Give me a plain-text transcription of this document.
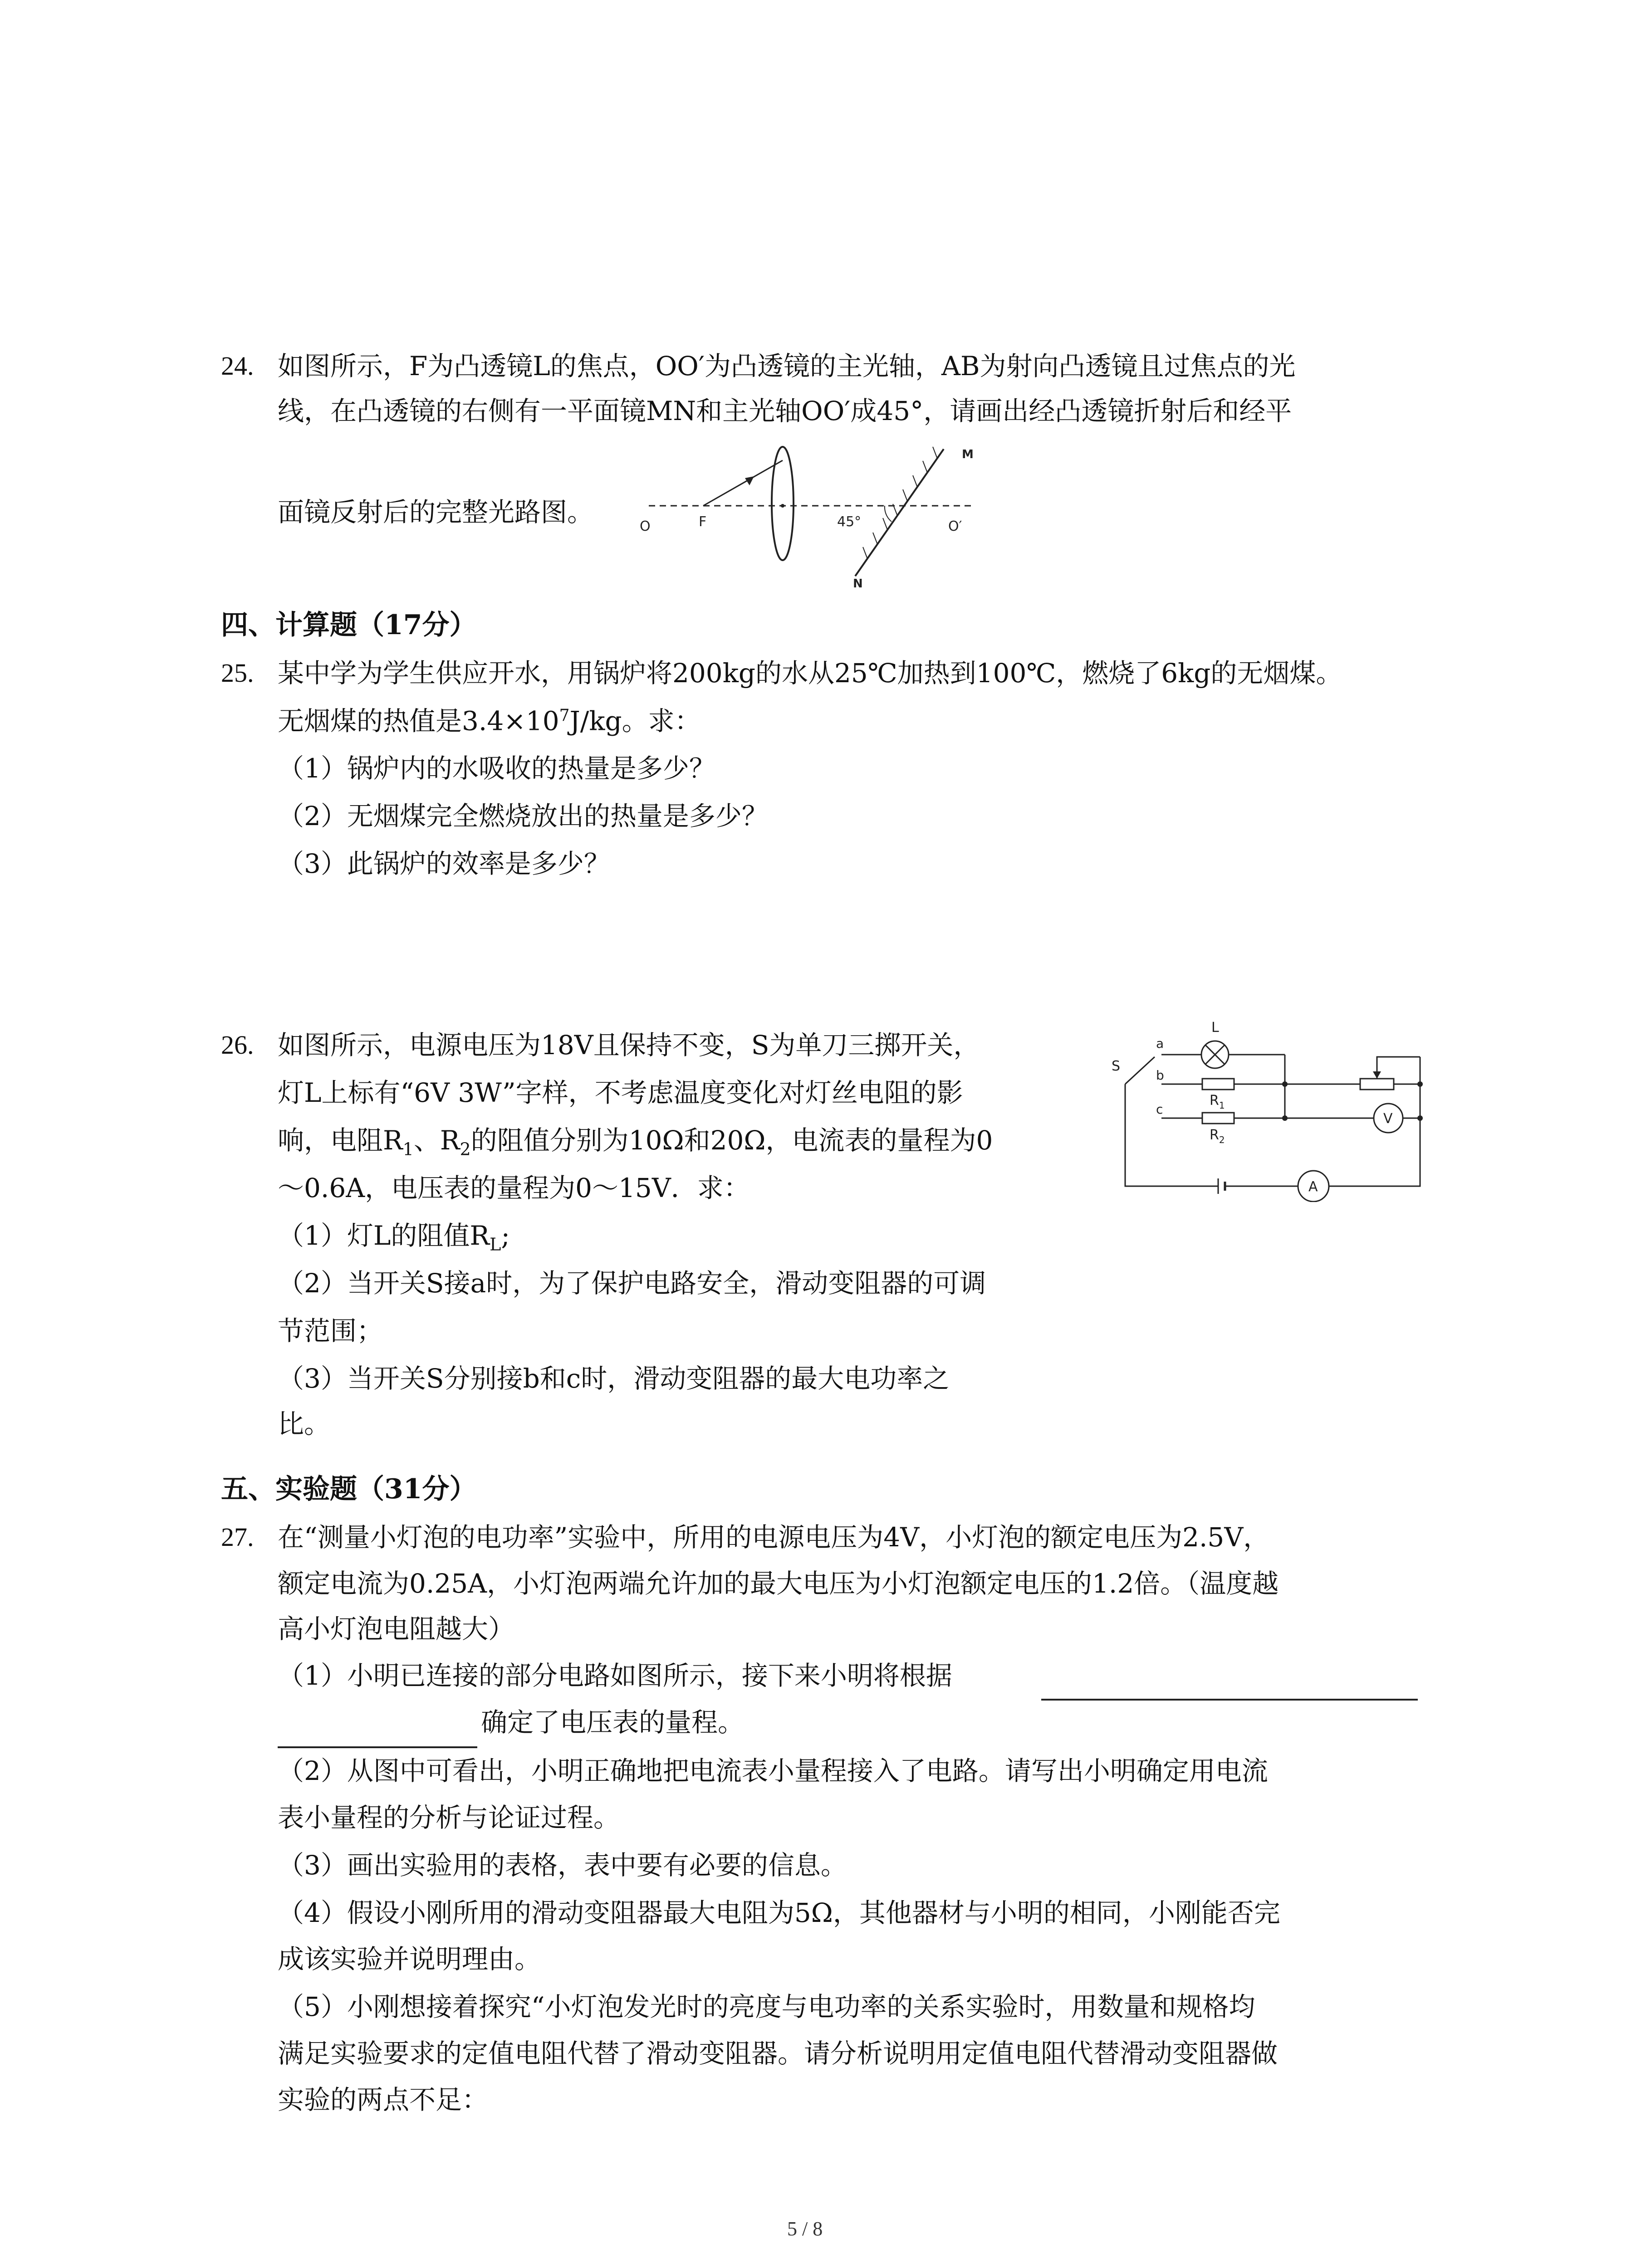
24. 如图所示，F为凸透镜L的焦点，OO′为凸透镜的主光轴，AB为射向凸透镜且过焦点的光
线，在凸透镜的右侧有一平面镜MN和主光轴OO′成45°，请画出经凸透镜折射后和经平
面镜反射后的完整光路图。	O	F	45°	O′
M
N
四、计算题（17分）
25. 某中学为学生供应开水，用锅炉将200kg的水从25℃加热到100℃，燃烧了6kg的无烟煤。
无烟煤的热值是$3.4\times 10^7J/kg$。求：
（1）锅炉内的水吸收的热量是多少？
（2）无烟煤完全燃烧放出的热量是多少？
（3）此锅炉的效率是多少？
26. 如图所示，电源电压为18V且保持不变，S为单刀三掷开关，
灯L上标有“6V 3W”字样，不考虑温度变化对灯丝电阻的影
响，电阻$R_1$、$R_2$的阻值分别为10Ω和20Ω，电流表的量程为0
～0.6A，电压表的量程为0～15V．求：
（1）灯L的阻值$R_L$;
（2）当开关S接a时，为了保护电路安全，滑动变阻器的可调
节范围；
（3）当开关S分别接b和c时，滑动变阻器的最大电功率之
比。
S
a
b
c
L
$R_1$
$R_2$
V
A
五、实验题（31分）
27. 在“测量小灯泡的电功率”实验中，所用的电源电压为4V，小灯泡的额定电压为2.5V，
额定电流为0.25A，小灯泡两端允许加的最大电压为小灯泡额定电压的1.2倍。（温度越
高小灯泡电阻越大）
（1）小明已连接的部分电路如图所示，接下来小明将根据
确定了电压表的量程。
（2）从图中可看出，小明正确地把电流表小量程接入了电路。请写出小明确定用电流
表小量程的分析与论证过程。
（3）画出实验用的表格，表中要有必要的信息。
（4）假设小刚所用的滑动变阻器最大电阻为5Ω，其他器材与小明的相同，小刚能否完
成该实验并说明理由。
（5）小刚想接着探究“小灯泡发光时的亮度与电功率的关系实验时，用数量和规格均
满足实验要求的定值电阻代替了滑动变阻器。请分析说明用定值电阻代替滑动变阻器做
实验的两点不足：
5 / 8
